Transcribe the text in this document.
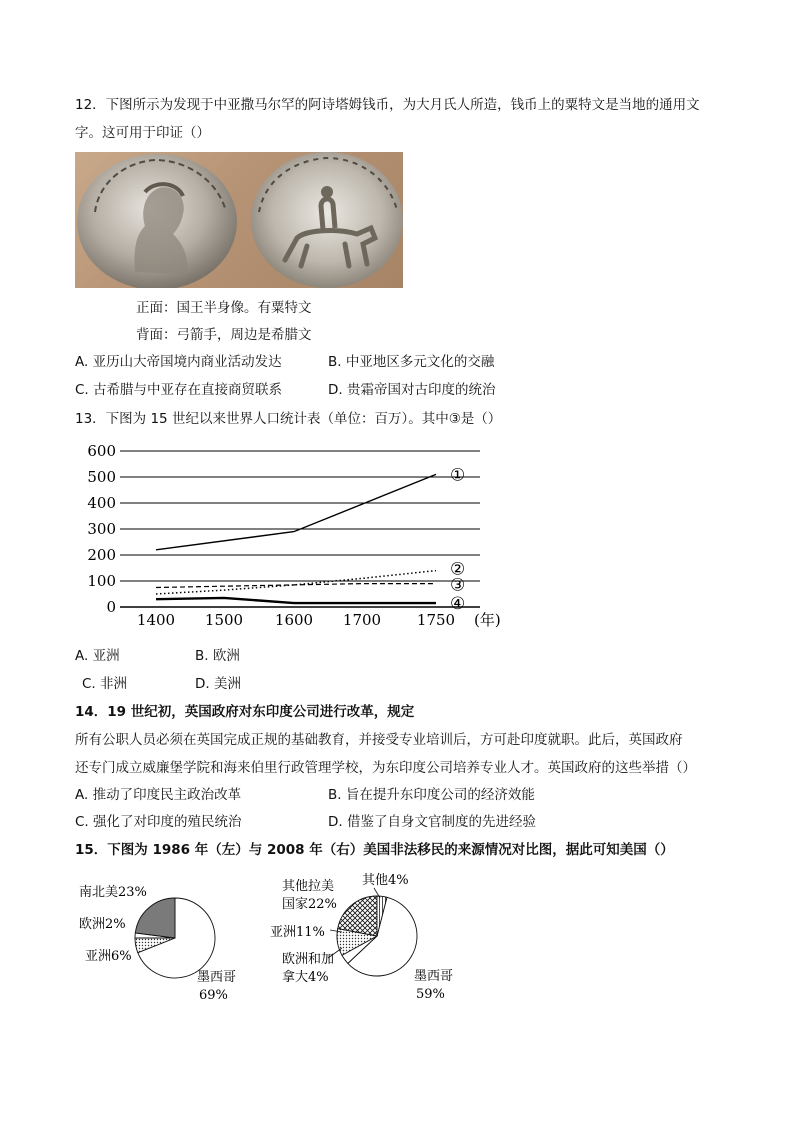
12．下图所示为发现于中亚撒马尔罕的阿诗塔姆钱币，为大月氏人所造，钱币上的粟特文是当地的通用文
字。这可用于印证（）
正面：国王半身像。有粟特文
背面：弓箭手，周边是希腊文
A. 亚历山大帝国境内商业活动发达	B. 中亚地区多元文化的交融
C. 古希腊与中亚存在直接商贸联系	D. 贵霜帝国对古印度的统治
13．下图为 15 世纪以来世界人口统计表（单位：百万）。其中③是（）
600
500
400
300
200
100
0
1400 1500 1600 1700 1750 (年)
①
②
③
④
A. 亚洲	B. 欧洲
C. 非洲	D. 美洲
14．19 世纪初，英国政府对东印度公司进行改革，规定
所有公职人员必须在英国完成正规的基础教育，并接受专业培训后，方可赴印度就职。此后，英国政府
还专门成立威廉堡学院和海来伯里行政管理学校，为东印度公司培养专业人才。英国政府的这些举措（）
A. 推动了印度民主政治改革	B. 旨在提升东印度公司的经济效能
C. 强化了对印度的殖民统治	D. 借鉴了自身文官制度的先进经验
15．下图为 1986 年（左）与 2008 年（右）美国非法移民的来源情况对比图，据此可知美国（）
南北美23%
欧洲2%
亚洲6%
墨西哥
69%
其他拉美
国家22%
其他4%
亚洲11%
欧洲和加
拿大4%	墨西哥
59%
